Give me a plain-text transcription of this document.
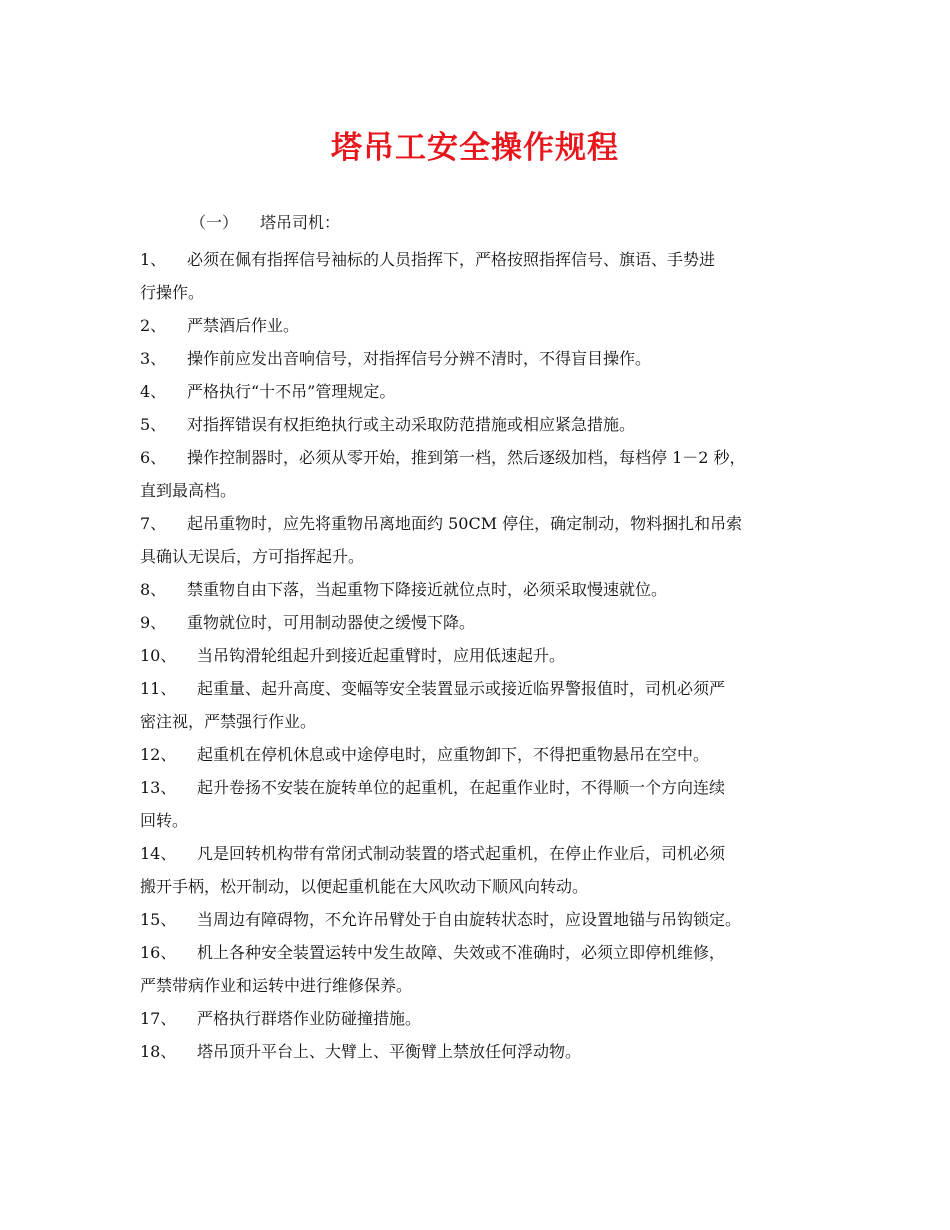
塔吊工安全操作规程
（一） 塔吊司机：
1、 必须在佩有指挥信号袖标的人员指挥下，严格按照指挥信号、旗语、手势进
行操作。
2、 严禁酒后作业。
3、 操作前应发出音响信号，对指挥信号分辨不清时，不得盲目操作。
4、 严格执行“十不吊”管理规定。
5、 对指挥错误有权拒绝执行或主动采取防范措施或相应紧急措施。
6、 操作控制器时，必须从零开始，推到第一档，然后逐级加档，每档停 1－2 秒，
直到最高档。
7、 起吊重物时，应先将重物吊离地面约 50CM 停住，确定制动，物料捆扎和吊索
具确认无误后，方可指挥起升。
8、 禁重物自由下落，当起重物下降接近就位点时，必须采取慢速就位。
9、 重物就位时，可用制动器使之缓慢下降。
10、 当吊钩滑轮组起升到接近起重臂时，应用低速起升。
11、 起重量、起升高度、变幅等安全装置显示或接近临界警报值时，司机必须严
密注视，严禁强行作业。
12、 起重机在停机休息或中途停电时，应重物卸下，不得把重物悬吊在空中。
13、 起升卷扬不安装在旋转单位的起重机，在起重作业时，不得顺一个方向连续
回转。
14、 凡是回转机构带有常闭式制动装置的塔式起重机，在停止作业后，司机必须
搬开手柄，松开制动，以便起重机能在大风吹动下顺风向转动。
15、 当周边有障碍物，不允许吊臂处于自由旋转状态时，应设置地锚与吊钩锁定。
16、 机上各种安全装置运转中发生故障、失效或不准确时，必须立即停机维修，
严禁带病作业和运转中进行维修保养。
17、 严格执行群塔作业防碰撞措施。
18、 塔吊顶升平台上、大臂上、平衡臂上禁放任何浮动物。
